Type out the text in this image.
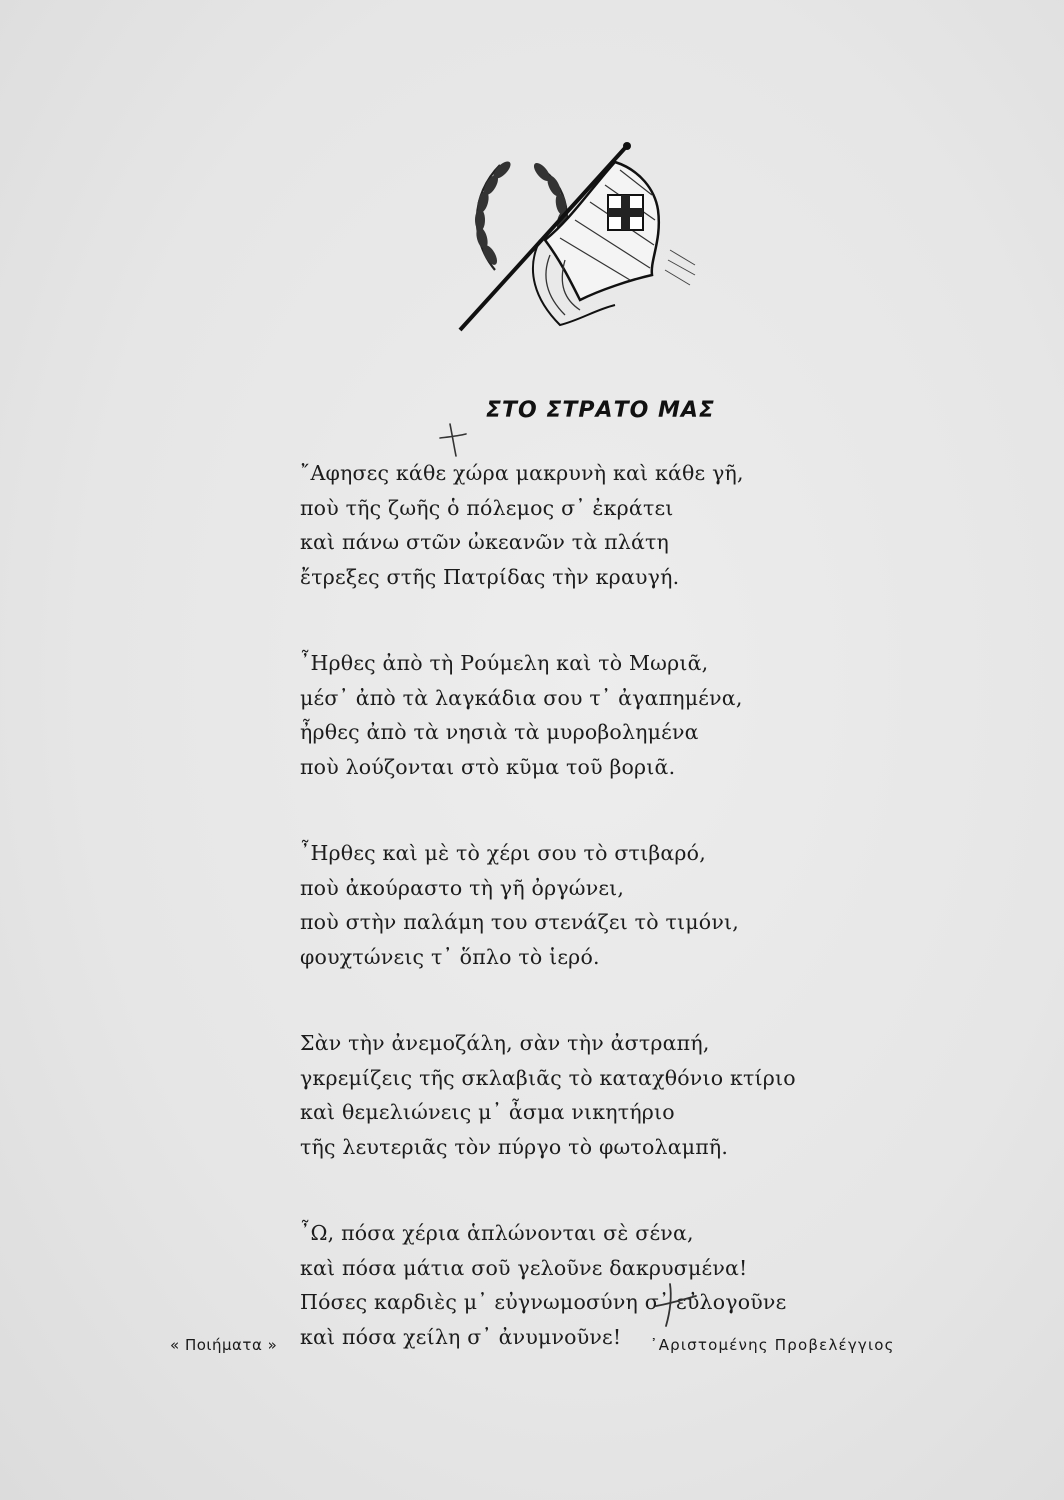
ΣΤΟ ΣΤΡΑΤΟ ΜΑΣ
῎Αφησες κάθε χώρα μακρυνὴ καὶ κάθε γῆ,
ποὺ τῆς ζωῆς ὁ πόλεμος σ᾽ ἐκράτει
καὶ πάνω στῶν ὠκεανῶν τὰ πλάτη
ἔτρεξες στῆς Πατρίδας τὴν κραυγή.
῏Ηρθες ἀπὸ τὴ Ρούμελη καὶ τὸ Μωριᾶ,
μέσ᾽ ἀπὸ τὰ λαγκάδια σου τ᾽ ἀγαπημένα,
ἦρθες ἀπὸ τὰ νησιὰ τὰ μυροβολημένα
ποὺ λούζονται στὸ κῦμα τοῦ βοριᾶ.
῏Ηρθες καὶ μὲ τὸ χέρι σου τὸ στιβαρό,
ποὺ ἀκούραστο τὴ γῆ ὀργώνει,
ποὺ στὴν παλάμη του στενάζει τὸ τιμόνι,
φουχτώνεις τ᾽ ὅπλο τὸ ἱερό.
Σὰν τὴν ἀνεμοζάλη, σὰν τὴν ἀστραπή,
γκρεμίζεις τῆς σκλαβιᾶς τὸ καταχθόνιο κτίριο
καὶ θεμελιώνεις μ᾽ ἆσμα νικητήριο
τῆς λευτεριᾶς τὸν πύργο τὸ φωτολαμπῆ.
῏Ω, πόσα χέρια ἁπλώνονται σὲ σένα,
καὶ πόσα μάτια σοῦ γελοῦνε δακρυσμένα!
Πόσες καρδιὲς μ᾽ εὐγνωμοσύνη σ᾽ εὐλογοῦνε
καὶ πόσα χείλη σ᾽ ἀνυμνοῦνε!
« Ποιήματα »	᾿Αριστομένης Προβελέγγιος
